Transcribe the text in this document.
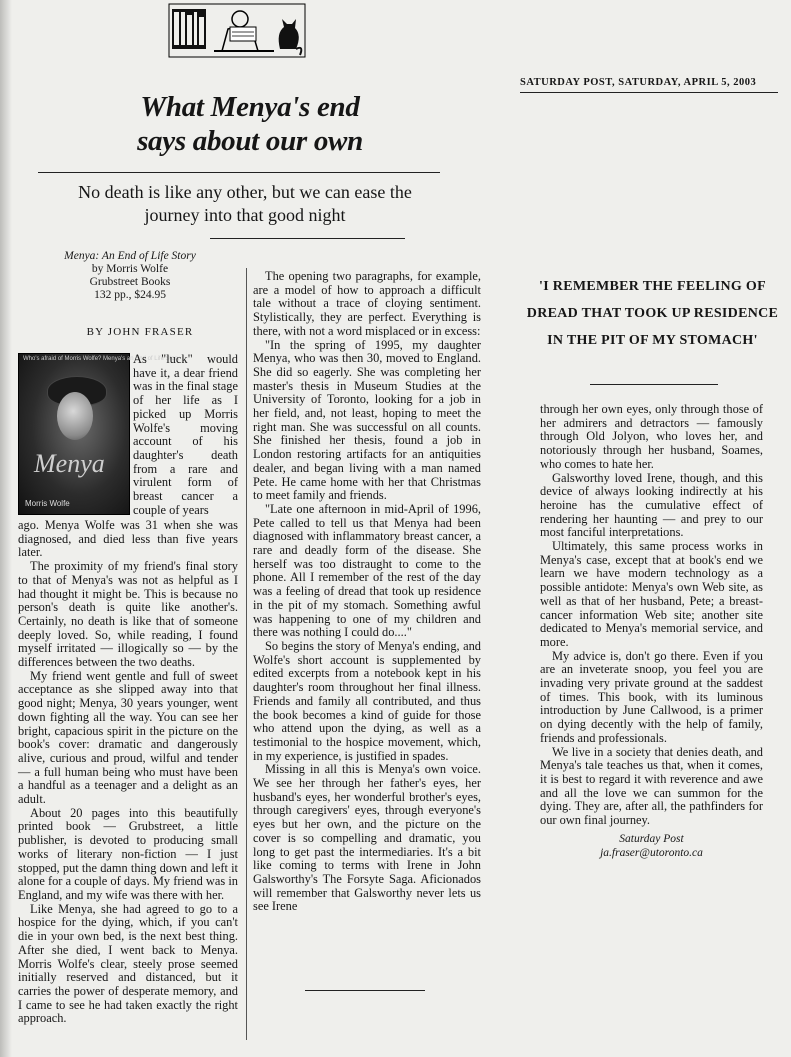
SATURDAY POST, SATURDAY, APRIL 5, 2003
What Menya's end
says about our own
No death is like any other, but we can ease the journey into that good night
Menya: An End of Life Story
by Morris Wolfe
Grubstreet Books
132 pp., $24.95
BY JOHN FRASER
Who's afraid of Morris Wolfe? Menya's an End of Life Story
Menya
Morris Wolfe

As "luck" would have it, a dear friend was in the final stage of her life as I picked up Morris Wolfe's moving account of his daughter's death from a rare and virulent form of breast cancer a couple of years

ago. Menya Wolfe was 31 when she was diagnosed, and died less than five years later.

The proximity of my friend's final story to that of Menya's was not as helpful as I had thought it might be. This is because no person's death is quite like another's. Certainly, no death is like that of someone deeply loved. So, while reading, I found myself irritated — illogically so — by the differences between the two deaths.

My friend went gentle and full of sweet acceptance as she slipped away into that good night; Menya, 30 years younger, went down fighting all the way. You can see her bright, capacious spirit in the picture on the book's cover: dramatic and dangerously alive, curious and proud, wilful and tender — a full human being who must have been a handful as a teenager and a delight as an adult.

About 20 pages into this beautifully printed book — Grubstreet, a little publisher, is devoted to producing small works of literary non-fiction — I just stopped, put the damn thing down and left it alone for a couple of days. My friend was in England, and my wife was there with her.

Like Menya, she had agreed to go to a hospice for the dying, which, if you can't die in your own bed, is the next best thing. After she died, I went back to Menya. Morris Wolfe's clear, steely prose seemed initially reserved and distanced, but it carries the power of desperate memory, and I came to see he had taken exactly the right approach.

The opening two paragraphs, for example, are a model of how to approach a difficult tale without a trace of cloying sentiment. Stylistically, they are perfect. Everything is there, with not a word misplaced or in excess:

"In the spring of 1995, my daughter Menya, who was then 30, moved to England. She did so eagerly. She was completing her master's thesis in Museum Studies at the University of Toronto, looking for a job in her field, and, not least, hoping to meet the right man. She was successful on all counts. She finished her thesis, found a job in London restoring artifacts for an antiquities dealer, and began living with a man named Pete. He came home with her that Christmas to meet family and friends.

"Late one afternoon in mid-April of 1996, Pete called to tell us that Menya had been diagnosed with inflammatory breast cancer, a rare and deadly form of the disease. She herself was too distraught to come to the phone. All I remember of the rest of the day was a feeling of dread that took up residence in the pit of my stomach. Something awful was happening to one of my children and there was nothing I could do...."

So begins the story of Menya's ending, and Wolfe's short account is supplemented by edited excerpts from a notebook kept in his daughter's room throughout her final illness. Friends and family all contributed, and thus the book becomes a kind of guide for those who attend upon the dying, as well as a testimonial to the hospice movement, which, in my experience, is justified in spades.

Missing in all this is Menya's own voice. We see her through her father's eyes, her husband's eyes, her wonderful brother's eyes, through caregivers' eyes, through everyone's eyes but her own, and the picture on the cover is so compelling and dramatic, you long to get past the intermediaries. It's a bit like coming to terms with Irene in John Galsworthy's The Forsyte Saga. Aficionados will remember that Galsworthy never lets us see Irene

'I REMEMBER THE FEELING OF DREAD THAT TOOK UP RESIDENCE IN THE PIT OF MY STOMACH'

through her own eyes, only through those of her admirers and detractors — famously through Old Jolyon, who loves her, and notoriously through her husband, Soames, who comes to hate her.

Galsworthy loved Irene, though, and this device of always looking indirectly at his heroine has the cumulative effect of rendering her haunting — and prey to our most fanciful interpretations.

Ultimately, this same process works in Menya's case, except that at book's end we learn we have modern technology as a possible antidote: Menya's own Web site, as well as that of her husband, Pete; a breast-cancer information Web site; another site dedicated to Menya's memorial service, and more.

My advice is, don't go there. Even if you are an inveterate snoop, you feel you are invading very private ground at the saddest of times. This book, with its luminous introduction by June Callwood, is a primer on dying decently with the help of family, friends and professionals.

We live in a society that denies death, and Menya's tale teaches us that, when it comes, it is best to regard it with reverence and awe and all the love we can summon for the dying. They are, after all, the pathfinders for our own final journey.

Saturday Post
ja.fraser@utoronto.ca
